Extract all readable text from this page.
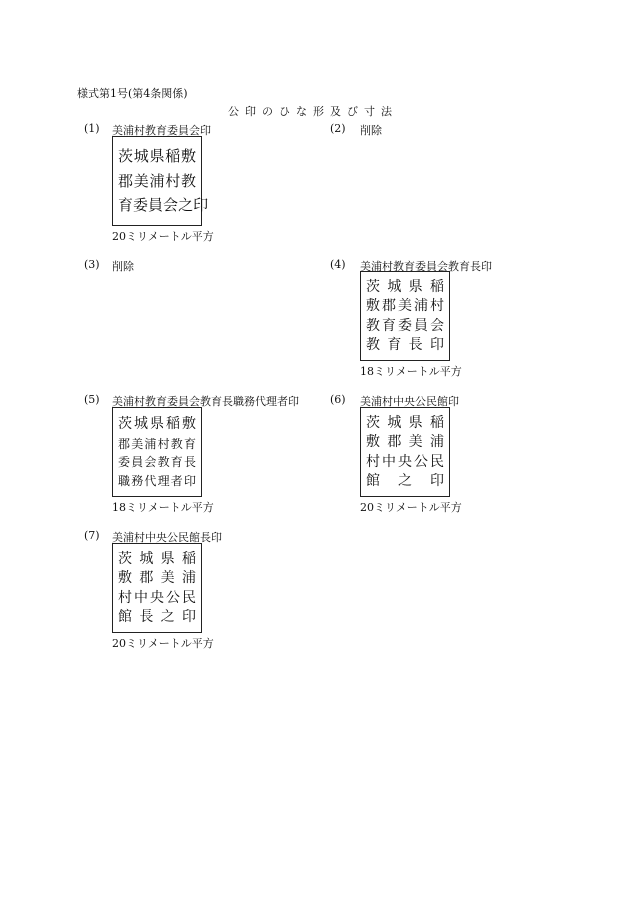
様式第1号(第4条関係)
公印のひな形及び寸法
(1)	美浦村教育委員会印
茨 城 県 稲 敷
郡 美 浦 村 教
育 委 員 会 之 印
20ミリメートル平方
(2)	削除
(3)	削除	(4)	美浦村教育委員会教育長印
茨 城 県 稲
敷 郡 美 浦 村
教 育 委 員 会
教 育 長 印
18ミリメートル平方
(5)	美浦村教育委員会教育長職務代理者印
茨 城 県 稲 敷
郡 美 浦 村 教 育
委 員 会 教 育 長
職 務 代 理 者 印
18ミリメートル平方
(6)	美浦村中央公民館印
茨 城 県 稲
敷 郡 美 浦
村 中 央 公 民
館 之 印
20ミリメートル平方
(7)	美浦村中央公民館長印
茨 城 県 稲
敷 郡 美 浦
村 中 央 公 民
館 長 之 印
20ミリメートル平方
